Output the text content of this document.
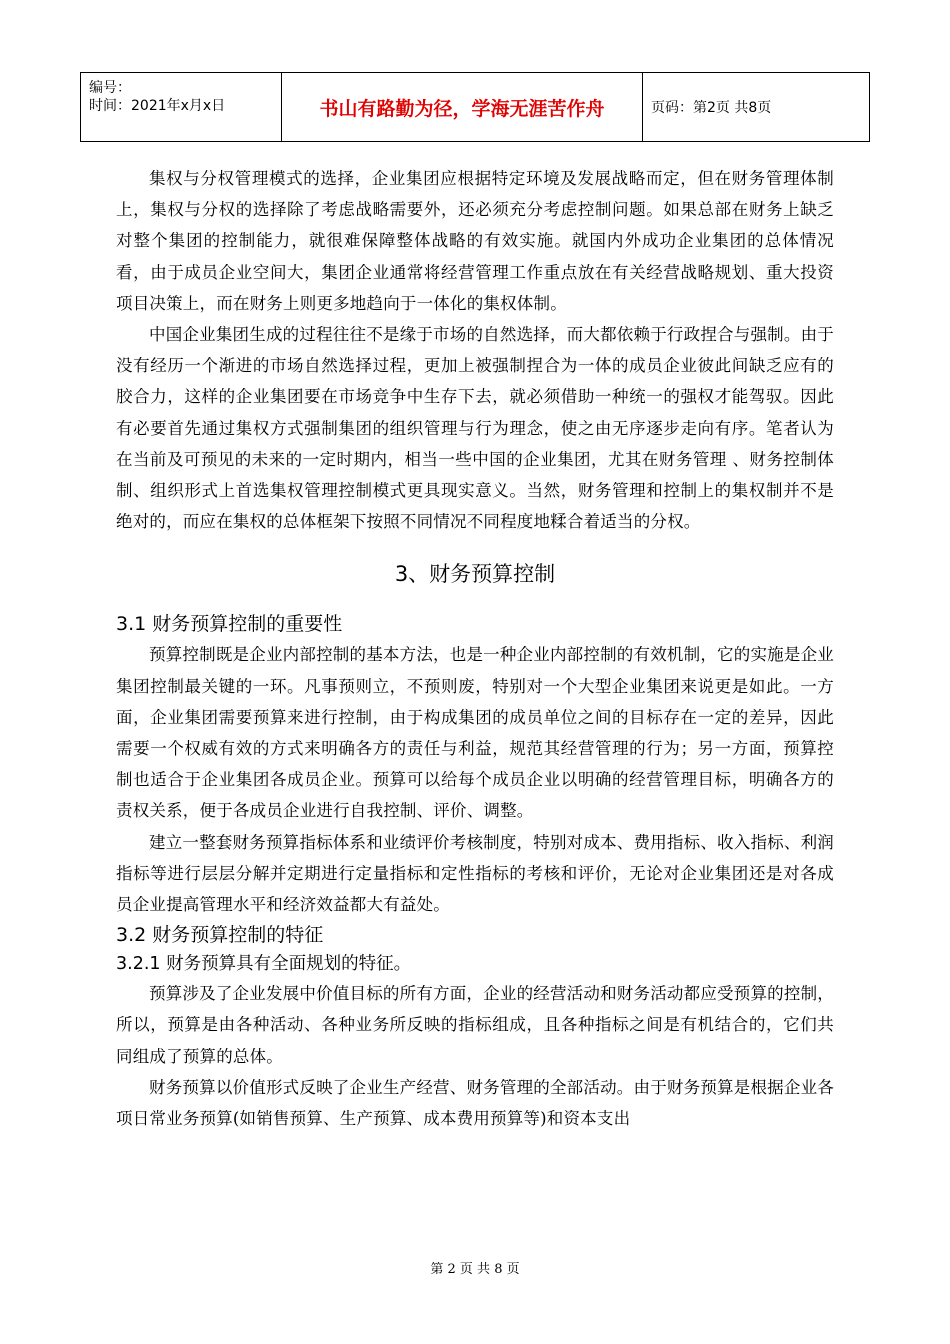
编号：
时间：2021年x月x日	书山有路勤为径，学海无涯苦作舟	页码：第2页 共8页

集权与分权管理模式的选择，企业集团应根据特定环境及发展战略而定，但在财务管理体制上，集权与分权的选择除了考虑战略需要外，还必须充分考虑控制问题。如果总部在财务上缺乏对整个集团的控制能力，就很难保障整体战略的有效实施。就国内外成功企业集团的总体情况看，由于成员企业空间大，集团企业通常将经营管理工作重点放在有关经营战略规划、重大投资项目决策上，而在财务上则更多地趋向于一体化的集权体制。

中国企业集团生成的过程往往不是缘于市场的自然选择，而大都依赖于行政捏合与强制。由于没有经历一个渐进的市场自然选择过程，更加上被强制捏合为一体的成员企业彼此间缺乏应有的胶合力，这样的企业集团要在市场竞争中生存下去，就必须借助一种统一的强权才能驾驭。因此有必要首先通过集权方式强制集团的组织管理与行为理念，使之由无序逐步走向有序。笔者认为在当前及可预见的未来的一定时期内，相当一些中国的企业集团，尤其在财务管理 、财务控制体制、组织形式上首选集权管理控制模式更具现实意义。当然，财务管理和控制上的集权制并不是绝对的，而应在集权的总体框架下按照不同情况不同程度地糅合着适当的分权。

3、财务预算控制
3.1 财务预算控制的重要性

预算控制既是企业内部控制的基本方法，也是一种企业内部控制的有效机制，它的实施是企业集团控制最关键的一环。凡事预则立，不预则废，特别对一个大型企业集团来说更是如此。一方面，企业集团需要预算来进行控制，由于构成集团的成员单位之间的目标存在一定的差异，因此需要一个权威有效的方式来明确各方的责任与利益，规范其经营管理的行为；另一方面，预算控制也适合于企业集团各成员企业。预算可以给每个成员企业以明确的经营管理目标，明确各方的责权关系，便于各成员企业进行自我控制、评价、调整。

建立一整套财务预算指标体系和业绩评价考核制度，特别对成本、费用指标、收入指标、利润指标等进行层层分解并定期进行定量指标和定性指标的考核和评价，无论对企业集团还是对各成员企业提高管理水平和经济效益都大有益处。

3.2 财务预算控制的特征
3.2.1 财务预算具有全面规划的特征。

预算涉及了企业发展中价值目标的所有方面，企业的经营活动和财务活动都应受预算的控制，所以，预算是由各种活动、各种业务所反映的指标组成，且各种指标之间是有机结合的，它们共同组成了预算的总体。

财务预算以价值形式反映了企业生产经营、财务管理的全部活动。由于财务预算是根据企业各项日常业务预算(如销售预算、生产预算、成本费用预算等)和资本支出

第 2 页 共 8 页
